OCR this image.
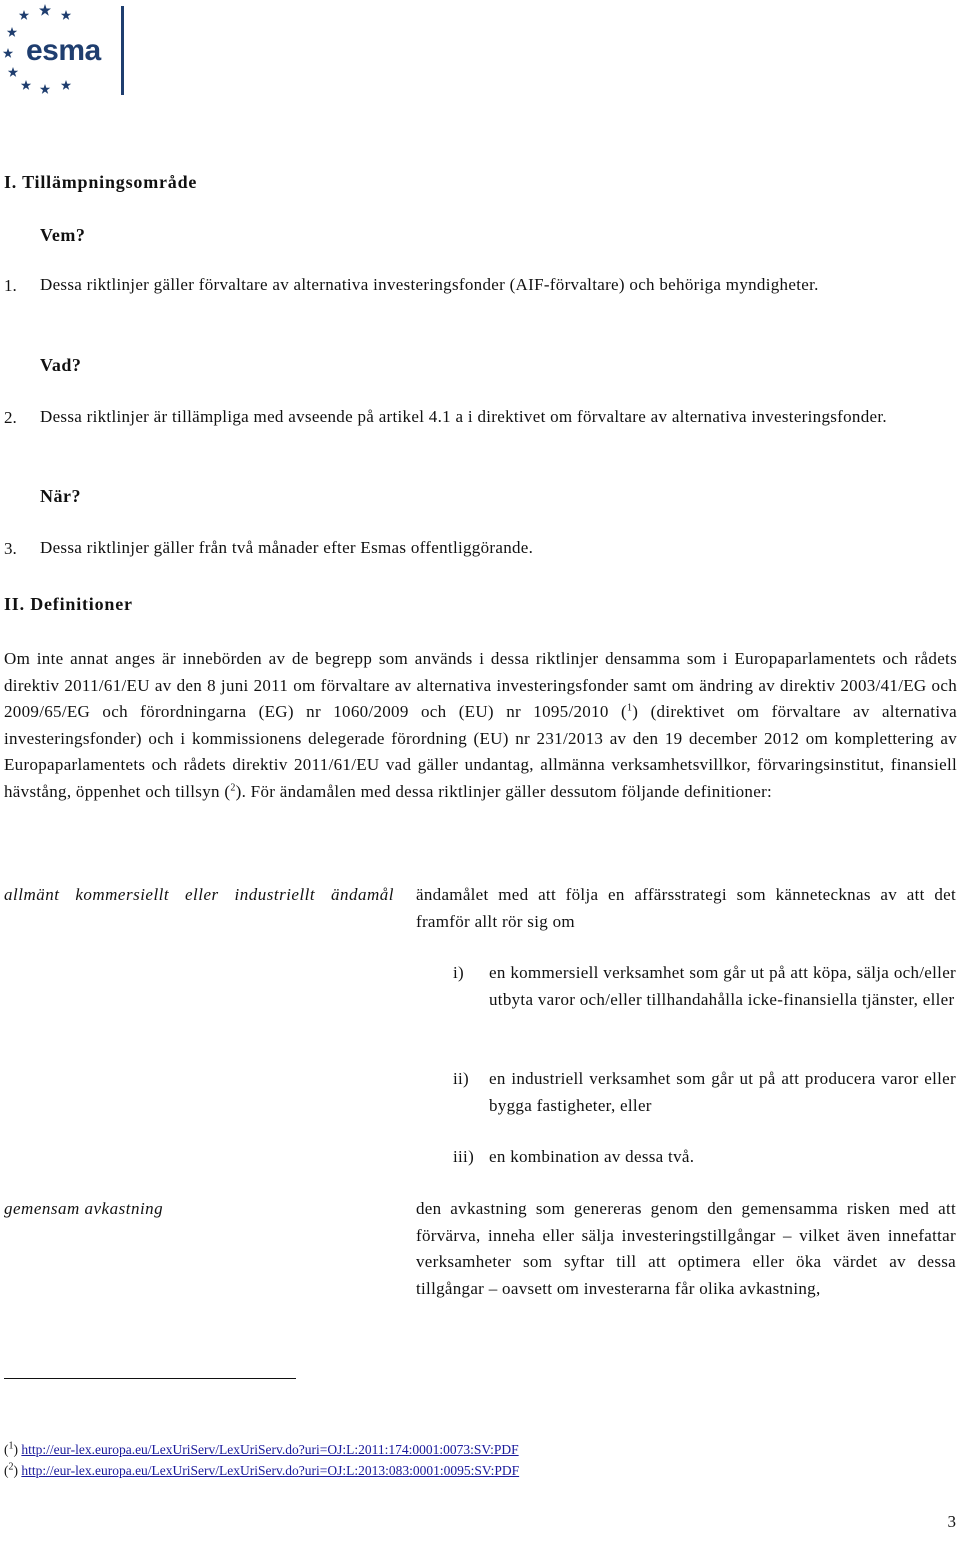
esma
I. Tillämpningsområde
Vem?
1. Dessa riktlinjer gäller förvaltare av alternativa investeringsfonder (AIF-förvaltare) och behöriga myndigheter.
Vad?
2. Dessa riktlinjer är tillämpliga med avseende på artikel 4.1 a i direktivet om förvaltare av alternativa investeringsfonder.
När?
3. Dessa riktlinjer gäller från två månader efter Esmas offentliggörande.
II. Definitioner
Om inte annat anges är innebörden av de begrepp som används i dessa riktlinjer densamma som i Europaparlamentets och rådets direktiv 2011/61/EU av den 8 juni 2011 om förvaltare av alternativa investeringsfonder samt om ändring av direktiv 2003/41/EG och 2009/65/EG och förordningarna (EG) nr 1060/2009 och (EU) nr 1095/2010 ($^1$) (direktivet om förvaltare av alternativa investeringsfonder) och i kommissionens delegerade förordning (EU) nr 231/2013 av den 19 december 2012 om komplettering av Europaparlamentets och rådets direktiv 2011/61/EU vad gäller undantag, allmänna verksamhetsvillkor, förvaringsinstitut, finansiell hävstång, öppenhet och tillsyn ($^2$). För ändamålen med dessa riktlinjer gäller dessutom följande definitioner:
allmänt kommersiellt eller industriellt ändamål ändamålet med att följa en affärsstrategi som kännetecknas av att det framför allt rör sig om
i) en kommersiell verksamhet som går ut på att köpa, sälja och/eller utbyta varor och/eller tillhandahålla icke-finansiella tjänster, eller
ii) en industriell verksamhet som går ut på att producera varor eller bygga fastigheter, eller
iii) en kombination av dessa två.
gemensam avkastning	den avkastning som genereras genom den gemensamma risken med att förvärva, inneha eller sälja investeringstillgångar – vilket även innefattar verksamheter som syftar till att optimera eller öka värdet av dessa tillgångar – oavsett om investerarna får olika avkastning,
($^1$) http://eur-lex.europa.eu/LexUriServ/LexUriServ.do?uri=OJ:L:2011:174:0001:0073:SV:PDF
($^2$) http://eur-lex.europa.eu/LexUriServ/LexUriServ.do?uri=OJ:L:2013:083:0001:0095:SV:PDF
3
